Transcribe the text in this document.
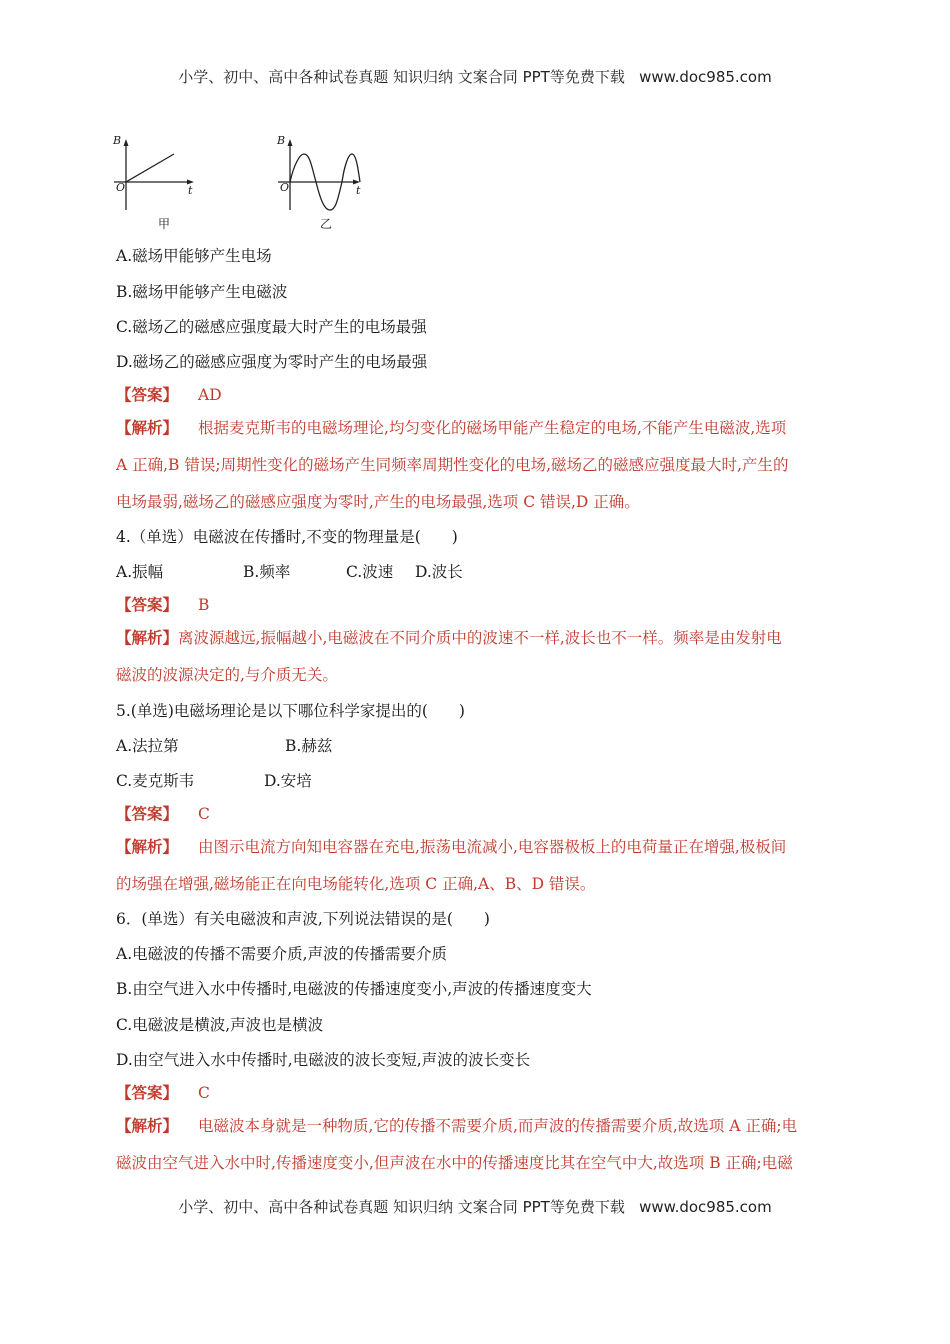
小学、初中、高中各种试卷真题 知识归纳 文案合同 PPT等免费下载 www.doc985.com
B
O	t
甲
B
O	t
乙
A.磁场甲能够产生电场
B.磁场甲能够产生电磁波
C.磁场乙的磁感应强度最大时产生的电场最强
D.磁场乙的磁感应强度为零时产生的电场最强
【答案】 AD
【解析】 根据麦克斯韦的电磁场理论,均匀变化的磁场甲能产生稳定的电场,不能产生电磁波,选项
A 正确,B 错误;周期性变化的磁场产生同频率周期性变化的电场,磁场乙的磁感应强度最大时,产生的
电场最弱,磁场乙的磁感应强度为零时,产生的电场最强,选项 C 错误,D 正确。
4.（单选）电磁波在传播时,不变的物理量是(　　)
A.振幅	B.频率	C.波速 D.波长
【答案】 B
【解析】离波源越远,振幅越小,电磁波在不同介质中的波速不一样,波长也不一样。频率是由发射电
磁波的波源决定的,与介质无关。
5.(单选)电磁场理论是以下哪位科学家提出的(　　)
A.法拉第	B.赫兹
C.麦克斯韦	D.安培
【答案】 C
【解析】 由图示电流方向知电容器在充电,振荡电流减小,电容器极板上的电荷量正在增强,极板间
的场强在增强,磁场能正在向电场能转化,选项 C 正确,A、B、D 错误。
6．(单选）有关电磁波和声波,下列说法错误的是(　　)
A.电磁波的传播不需要介质,声波的传播需要介质
B.由空气进入水中传播时,电磁波的传播速度变小,声波的传播速度变大
C.电磁波是横波,声波也是横波
D.由空气进入水中传播时,电磁波的波长变短,声波的波长变长
【答案】 C
【解析】 电磁波本身就是一种物质,它的传播不需要介质,而声波的传播需要介质,故选项 A 正确;电
磁波由空气进入水中时,传播速度变小,但声波在水中的传播速度比其在空气中大,故选项 B 正确;电磁
小学、初中、高中各种试卷真题 知识归纳 文案合同 PPT等免费下载 www.doc985.com
